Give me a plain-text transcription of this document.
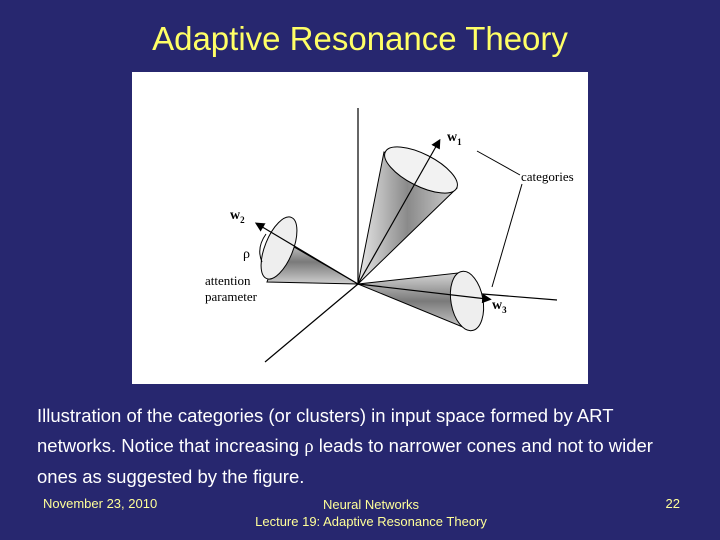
Adaptive Resonance Theory
$w_1$
$w_2$
$w_3$
categories
ρ
attention
parameter
Illustration of the categories (or clusters) in input space formed by ART networks. Notice that increasing ρ leads to narrower cones and not to wider ones as suggested by the figure.
November 23, 2010	Neural Networks
Lecture 19: Adaptive Resonance Theory
22
